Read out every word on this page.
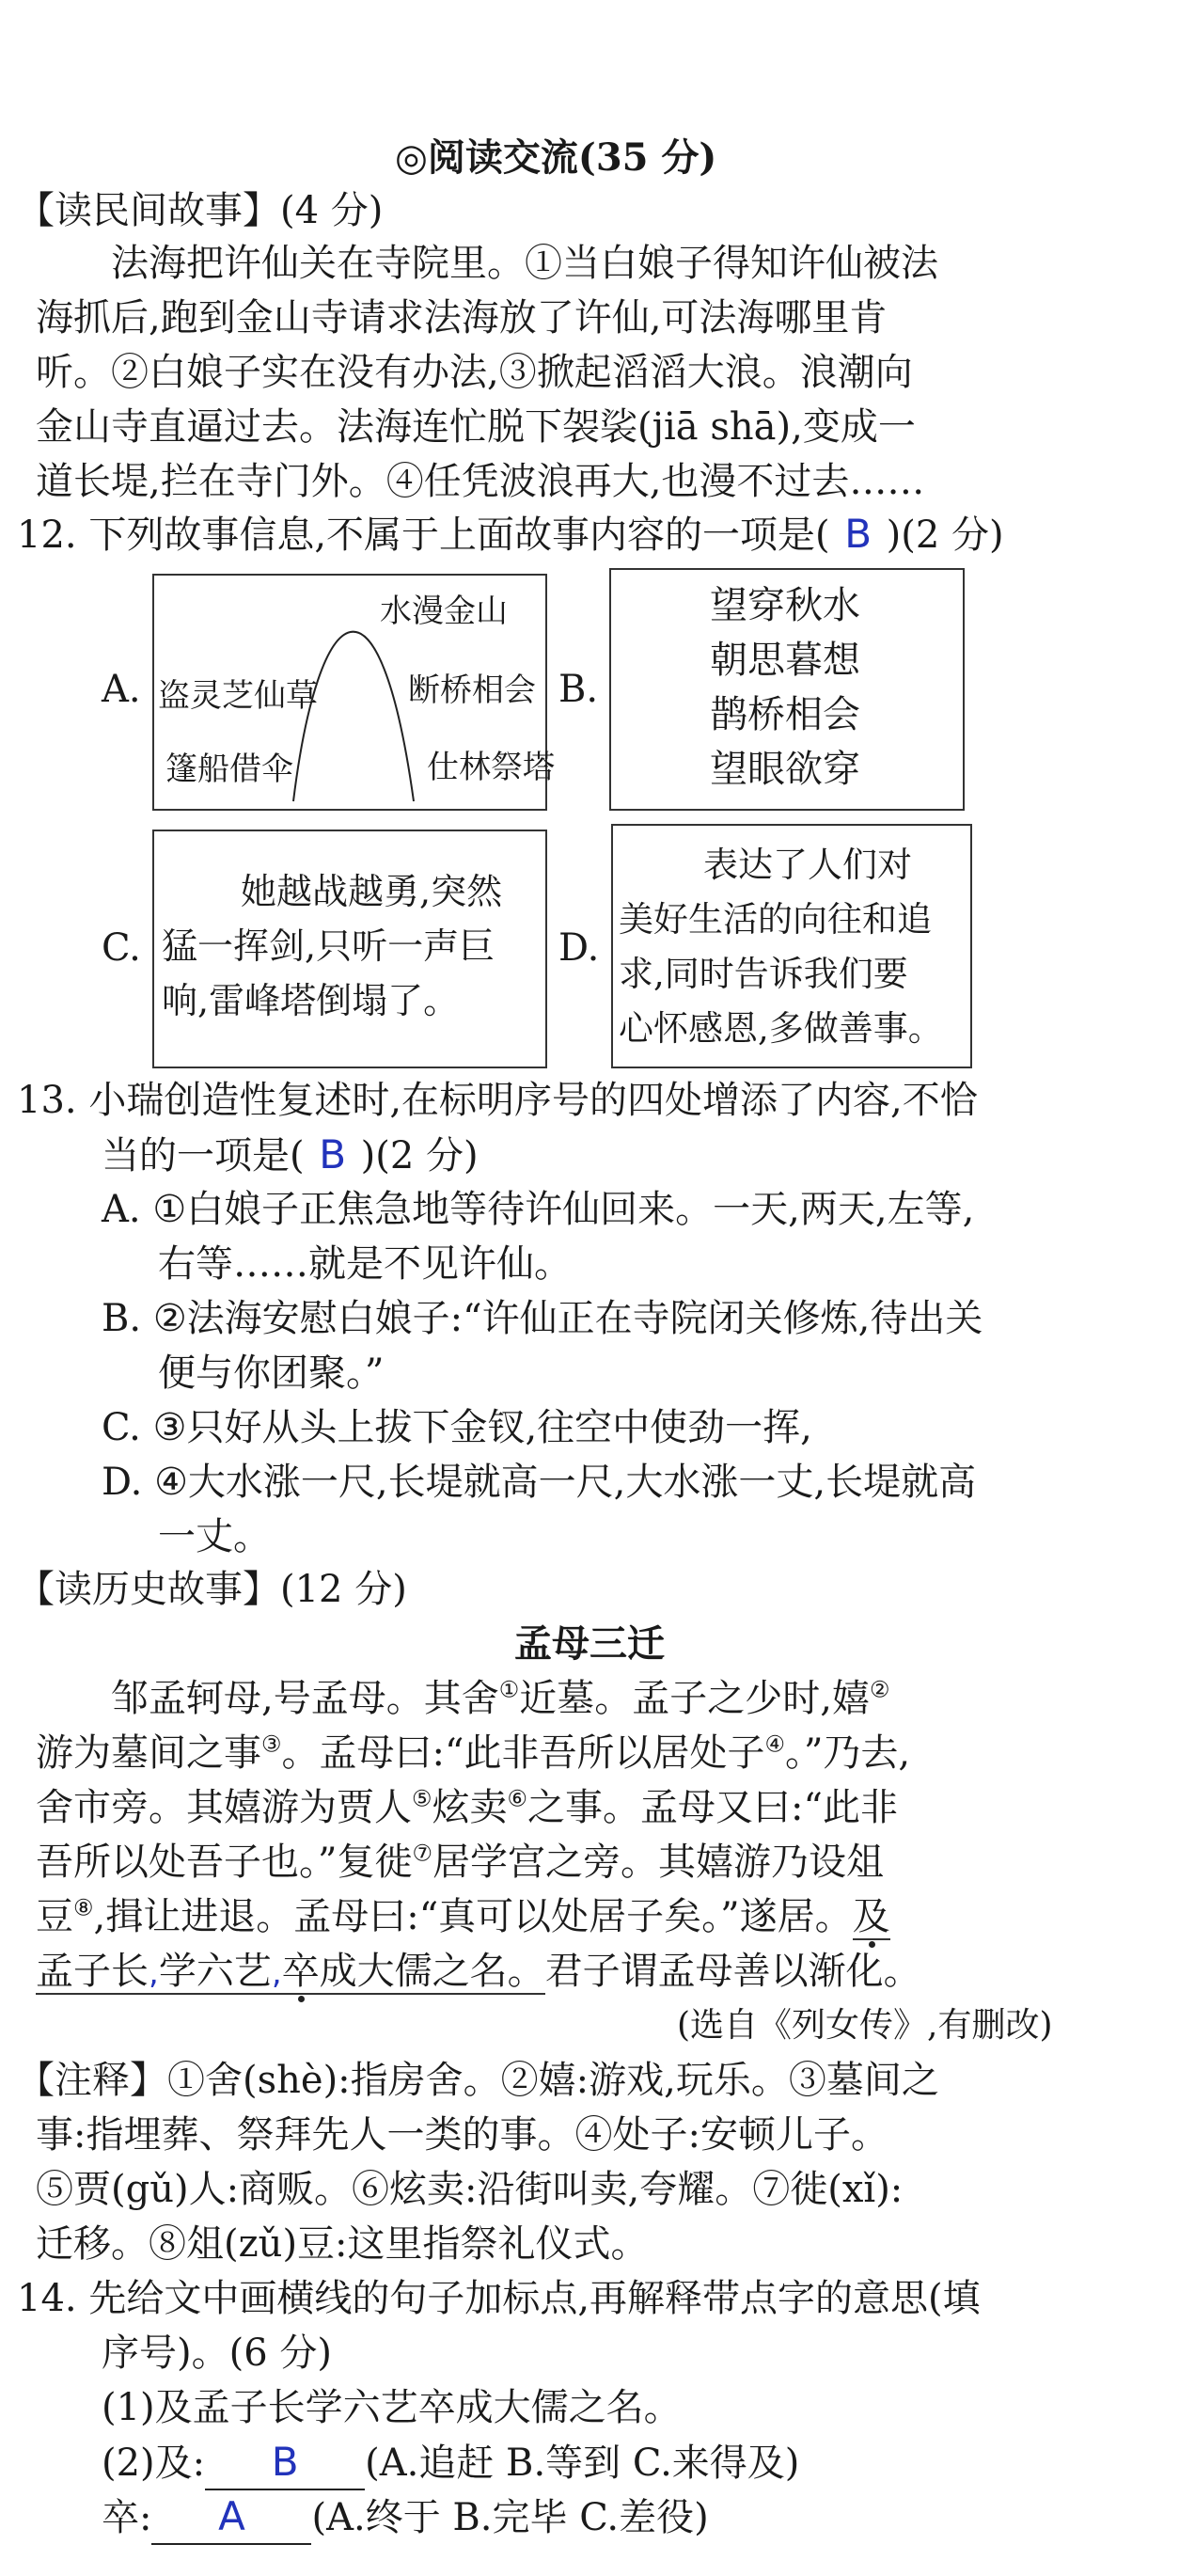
◎阅读交流(35 分)
【读民间故事】(4 分)
法海把许仙关在寺院里。①当白娘子得知许仙被法
海抓后,跑到金山寺请求法海放了许仙,可法海哪里肯
听。②白娘子实在没有办法,③掀起滔滔大浪。浪潮向
金山寺直逼过去。法海连忙脱下袈裟(jiā shā),变成一
道长堤,拦在寺门外。④任凭波浪再大,也漫不过去……
12. 下列故事信息,不属于上面故事内容的一项是( B )(2 分)
A.
水漫金山
盗灵芝仙草	断桥相会
篷船借伞	仕林祭塔
B.
望穿秋水
朝思暮想
鹊桥相会
望眼欲穿
C.
她越战越勇,突然
猛一挥剑,只听一声巨
响,雷峰塔倒塌了。
D.
表达了人们对
美好生活的向往和追
求,同时告诉我们要
心怀感恩,多做善事。
13. 小瑞创造性复述时,在标明序号的四处增添了内容,不恰
当的一项是( B )(2 分)
A. ①白娘子正焦急地等待许仙回来。一天,两天,左等,
右等……就是不见许仙。
B. ②法海安慰白娘子:“许仙正在寺院闭关修炼,待出关
便与你团聚。”
C. ③只好从头上拔下金钗,往空中使劲一挥,
D. ④大水涨一尺,长堤就高一尺,大水涨一丈,长堤就高
一丈。
【读历史故事】(12 分)
孟母三迁
邹孟轲母,号孟母。其舍①近墓。孟子之少时,嬉②
游为墓间之事③。孟母曰:“此非吾所以居处子④。”乃去,
舍市旁。其嬉游为贾人⑤炫卖⑥之事。孟母又曰:“此非
吾所以处吾子也。”复徙⑦居学宫之旁。其嬉游乃设俎
豆⑧,揖让进退。孟母曰:“真可以处居子矣。”遂居。及
孟子长,学六艺,卒成大儒之名。君子谓孟母善以渐化。
(选自《列女传》,有删改)
【注释】①舍(shè):指房舍。②嬉:游戏,玩乐。③墓间之
事:指埋葬、祭拜先人一类的事。④处子:安顿儿子。
⑤贾(gǔ)人:商贩。⑥炫卖:沿街叫卖,夸耀。⑦徙(xǐ):
迁移。⑧俎(zǔ)豆:这里指祭礼仪式。
14. 先给文中画横线的句子加标点,再解释带点字的意思(填
序号)。(6 分)
(1)及孟子长学六艺卒成大儒之名。
(2)及: B (A.追赶 B.等到 C.来得及)
卒: A (A.终于 B.完毕 C.差役)
